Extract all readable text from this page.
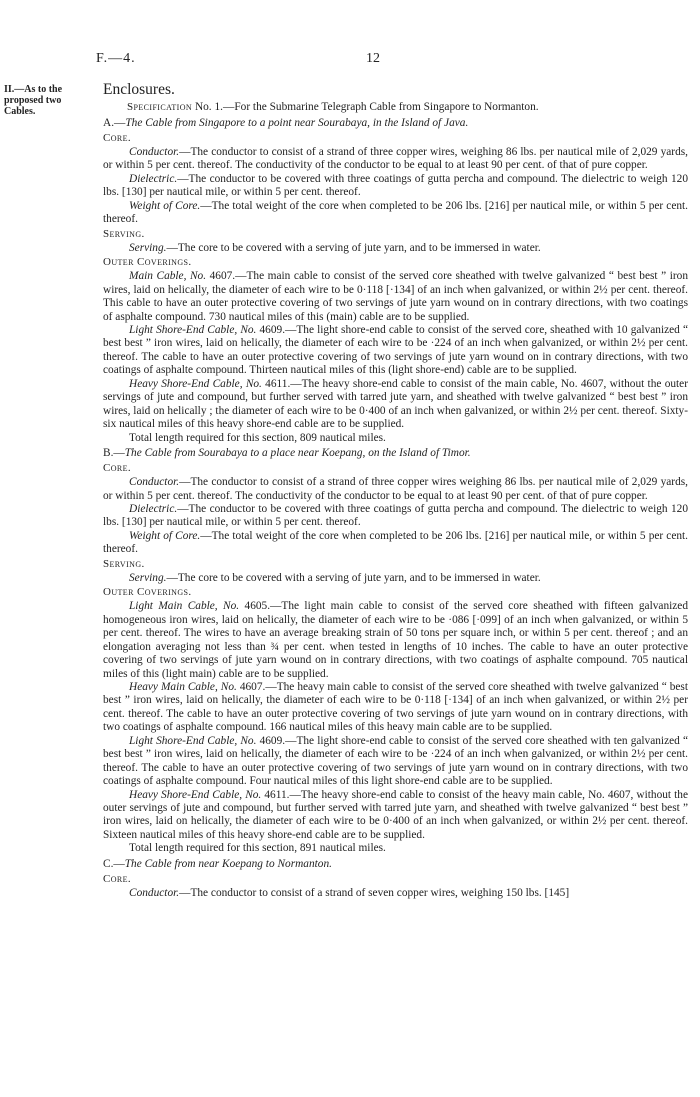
F.—4.	12
II.—As to the proposed two Cables.

Enclosures.

Specification No. 1.—For the Submarine Telegraph Cable from Singapore to Normanton.

A.—The Cable from Singapore to a point near Sourabaya, in the Island of Java.

Core.

Conductor.—The conductor to consist of a strand of three copper wires, weighing 86 lbs. per nautical mile of 2,029 yards, or within 5 per cent. thereof. The conductivity of the conductor to be equal to at least 90 per cent. of that of pure copper.

Dielectric.—The conductor to be covered with three coatings of gutta percha and compound. The dielectric to weigh 120 lbs. [130] per nautical mile, or within 5 per cent. thereof.

Weight of Core.—The total weight of the core when completed to be 206 lbs. [216] per nautical mile, or within 5 per cent. thereof.

Serving.

Serving.—The core to be covered with a serving of jute yarn, and to be immersed in water.

Outer Coverings.

Main Cable, No. 4607.—The main cable to consist of the served core sheathed with twelve galvanized “ best best ” iron wires, laid on helically, the diameter of each wire to be 0·118 [·134] of an inch when galvanized, or within 2½ per cent. thereof. This cable to have an outer protective covering of two servings of jute yarn wound on in contrary directions, with two coatings of asphalte compound. 730 nautical miles of this (main) cable are to be supplied.

Light Shore-End Cable, No. 4609.—The light shore-end cable to consist of the served core, sheathed with 10 galvanized “ best best ” iron wires, laid on helically, the diameter of each wire to be ·224 of an inch when galvanized, or within 2½ per cent. thereof. The cable to have an outer protective covering of two servings of jute yarn wound on in contrary directions, with two coatings of asphalte compound. Thirteen nautical miles of this (light shore-end) cable are to be supplied.

Heavy Shore-End Cable, No. 4611.—The heavy shore-end cable to consist of the main cable, No. 4607, without the outer servings of jute and compound, but further served with tarred jute yarn, and sheathed with twelve galvanized “ best best ” iron wires, laid on helically ; the diameter of each wire to be 0·400 of an inch when galvanized, or within 2½ per cent. thereof. Sixty-six nautical miles of this heavy shore-end cable are to be supplied.

Total length required for this section, 809 nautical miles.

B.—The Cable from Sourabaya to a place near Koepang, on the Island of Timor.

Core.

Conductor.—The conductor to consist of a strand of three copper wires weighing 86 lbs. per nautical mile of 2,029 yards, or within 5 per cent. thereof. The conductivity of the conductor to be equal to at least 90 per cent. of that of pure copper.

Dielectric.—The conductor to be covered with three coatings of gutta percha and compound. The dielectric to weigh 120 lbs. [130] per nautical mile, or within 5 per cent. thereof.

Weight of Core.—The total weight of the core when completed to be 206 lbs. [216] per nautical mile, or within 5 per cent. thereof.

Serving.

Serving.—The core to be covered with a serving of jute yarn, and to be immersed in water.

Outer Coverings.

Light Main Cable, No. 4605.—The light main cable to consist of the served core sheathed with fifteen galvanized homogeneous iron wires, laid on helically, the diameter of each wire to be ·086 [·099] of an inch when galvanized, or within 5 per cent. thereof. The wires to have an average breaking strain of 50 tons per square inch, or within 5 per cent. thereof ; and an elongation averaging not less than ¾ per cent. when tested in lengths of 10 inches. The cable to have an outer protective covering of two servings of jute yarn wound on in contrary directions, with two coatings of asphalte compound. 705 nautical miles of this (light main) cable are to be supplied.

Heavy Main Cable, No. 4607.—The heavy main cable to consist of the served core sheathed with twelve galvanized “ best best ” iron wires, laid on helically, the diameter of each wire to be 0·118 [·134] of an inch when galvanized, or within 2½ per cent. thereof. The cable to have an outer protective covering of two servings of jute yarn wound on in contrary directions, with two coatings of asphalte compound. 166 nautical miles of this heavy main cable are to be supplied.

Light Shore-End Cable, No. 4609.—The light shore-end cable to consist of the served core sheathed with ten galvanized “ best best ” iron wires, laid on helically, the diameter of each wire to be ·224 of an inch when galvanized, or within 2½ per cent. thereof. The cable to have an outer protective covering of two servings of jute yarn wound on in contrary directions, with two coatings of asphalte compound. Four nautical miles of this light shore-end cable are to be supplied.

Heavy Shore-End Cable, No. 4611.—The heavy shore-end cable to consist of the heavy main cable, No. 4607, without the outer servings of jute and compound, but further served with tarred jute yarn, and sheathed with twelve galvanized “ best best ” iron wires, laid on helically, the diameter of each wire to be 0·400 of an inch when galvanized, or within 2½ per cent. thereof. Sixteen nautical miles of this heavy shore-end cable are to be supplied.

Total length required for this section, 891 nautical miles.

C.—The Cable from near Koepang to Normanton.

Core.

Conductor.—The conductor to consist of a strand of seven copper wires, weighing 150 lbs. [145]
